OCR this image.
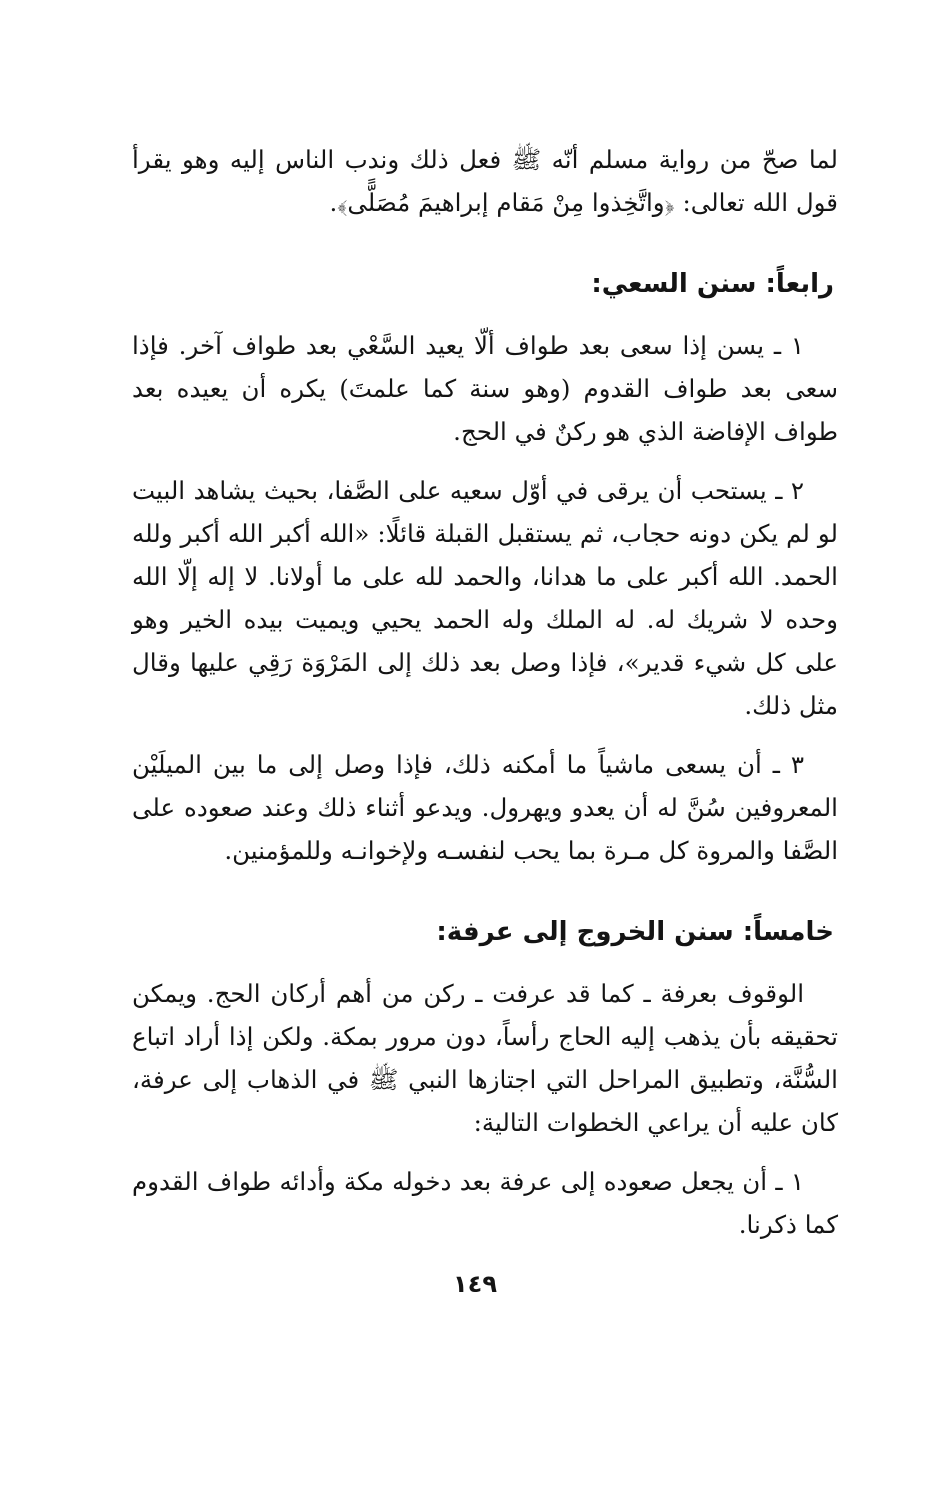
لما صحّ من رواية مسلم أنّه ﷺ فعل ذلك وندب الناس إليه وهو يقرأ قول الله تعالى: ﴿واتَّخِذوا مِنْ مَقام إبراهيمَ مُصَلًّى﴾.

رابعاً: سنن السعي:

١ ـ يسن إذا سعى بعد طواف ألّا يعيد السَّعْي بعد طواف آخر. فإذا سعى بعد طواف القدوم (وهو سنة كما علمتَ) يكره أن يعيده بعد طواف الإفاضة الذي هو ركنٌ في الحج.

٢ ـ يستحب أن يرقى في أوّل سعيه على الصَّفا، بحيث يشاهد البيت لو لم يكن دونه حجاب، ثم يستقبل القبلة قائلًا: «الله أكبر الله أكبر ولله الحمد. الله أكبر على ما هدانا، والحمد لله على ما أولانا. لا إله إلّا الله وحده لا شريك له. له الملك وله الحمد يحيي ويميت بيده الخير وهو على كل شيء قدير»، فإذا وصل بعد ذلك إلى المَرْوَة رَقِي عليها وقال مثل ذلك.

٣ ـ أن يسعى ماشياً ما أمكنه ذلك، فإذا وصل إلى ما بين الميلَيْن المعروفين سُنَّ له أن يعدو ويهرول. ويدعو أثناء ذلك وعند صعوده على الصَّفا والمروة كل مـرة بما يحب لنفسـه ولإخوانـه وللمؤمنين.

خامساً: سنن الخروج إلى عرفة:

الوقوف بعرفة ـ كما قد عرفت ـ ركن من أهم أركان الحج. ويمكن تحقيقه بأن يذهب إليه الحاج رأساً، دون مرور بمكة. ولكن إذا أراد اتباع السُّنَّة، وتطبيق المراحل التي اجتازها النبي ﷺ في الذهاب إلى عرفة، كان عليه أن يراعي الخطوات التالية:

١ ـ أن يجعل صعوده إلى عرفة بعد دخوله مكة وأدائه طواف القدوم كما ذكرنا.

١٤٩
